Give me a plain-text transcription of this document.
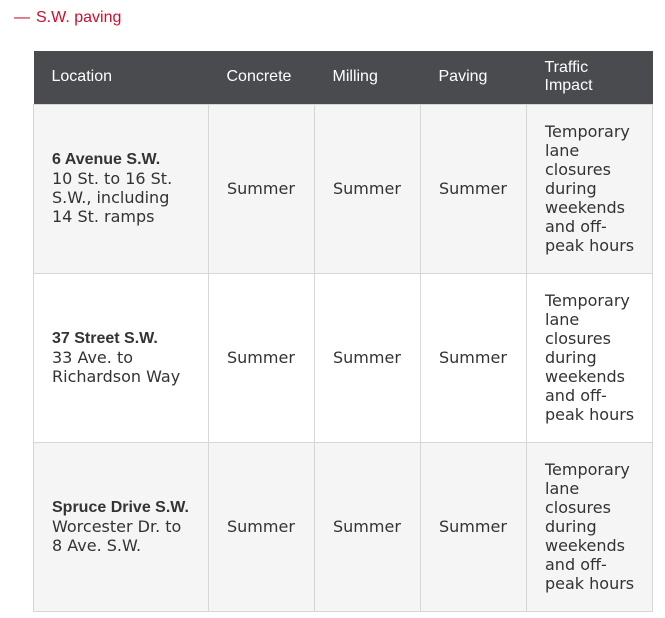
— S.W. paving
Location	Concrete	Milling	Paving	Traffic Impact

6 Avenue S.W.
10 St. to 16 St. S.W., including 14 St. ramps	Summer	Summer	Summer	Temporary lane closures during weekends and off-peak hours

37 Street S.W.
33 Ave. to Richardson Way	Summer	Summer	Summer	Temporary lane closures during weekends and off-peak hours

Spruce Drive S.W.
Worcester Dr. to 8 Ave. S.W.	Summer	Summer	Summer	Temporary lane closures during weekends and off-peak hours
